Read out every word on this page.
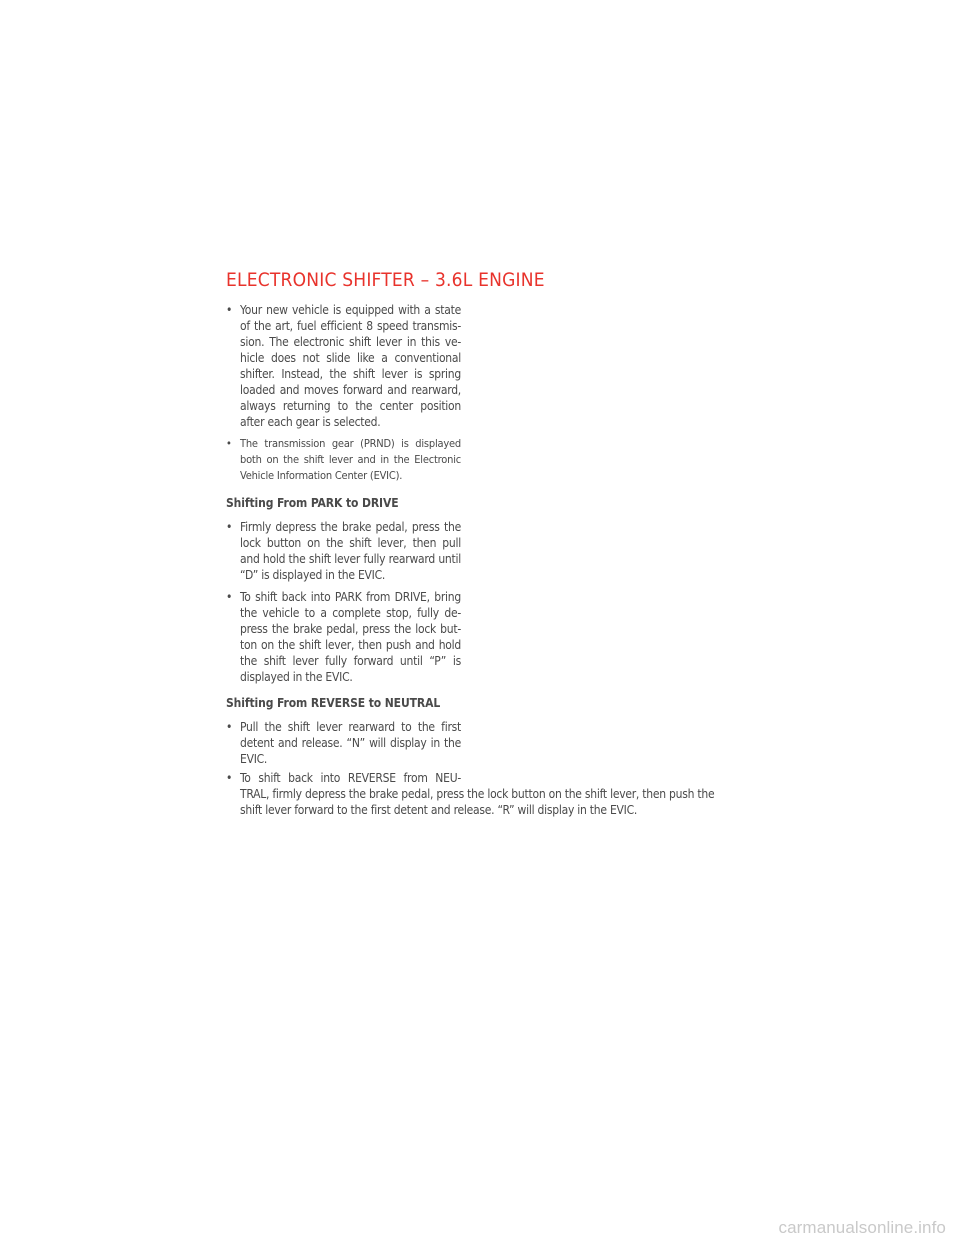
ELECTRONIC SHIFTER – 3.6L ENGINE
• Your new vehicle is equipped with a state of the art, fuel efficient 8 speed transmis-sion. The electronic shift lever in this ve-hicle does not slide like a conventional shifter. Instead, the shift lever is spring loaded and moves forward and rearward, always returning to the center position after each gear is selected.
• The transmission gear (PRND) is displayed both on the shift lever and in the Electronic Vehicle Information Center (EVIC).
Shifting From PARK to DRIVE
• Firmly depress the brake pedal, press the lock button on the shift lever, then pull and hold the shift lever fully rearward until “D” is displayed in the EVIC.
• To shift back into PARK from DRIVE, bring the vehicle to a complete stop, fully de-press the brake pedal, press the lock but-ton on the shift lever, then push and hold the shift lever fully forward until “P” is displayed in the EVIC.
Shifting From REVERSE to NEUTRAL
• Pull the shift lever rearward to the first detent and release. “N” will display in the EVIC.
• To shift back into REVERSE from NEU-
TRAL, firmly depress the brake pedal, press the lock button on the shift lever, then push the shift lever forward to the first detent and release. “R” will display in the EVIC.
carmanualsonline.info
